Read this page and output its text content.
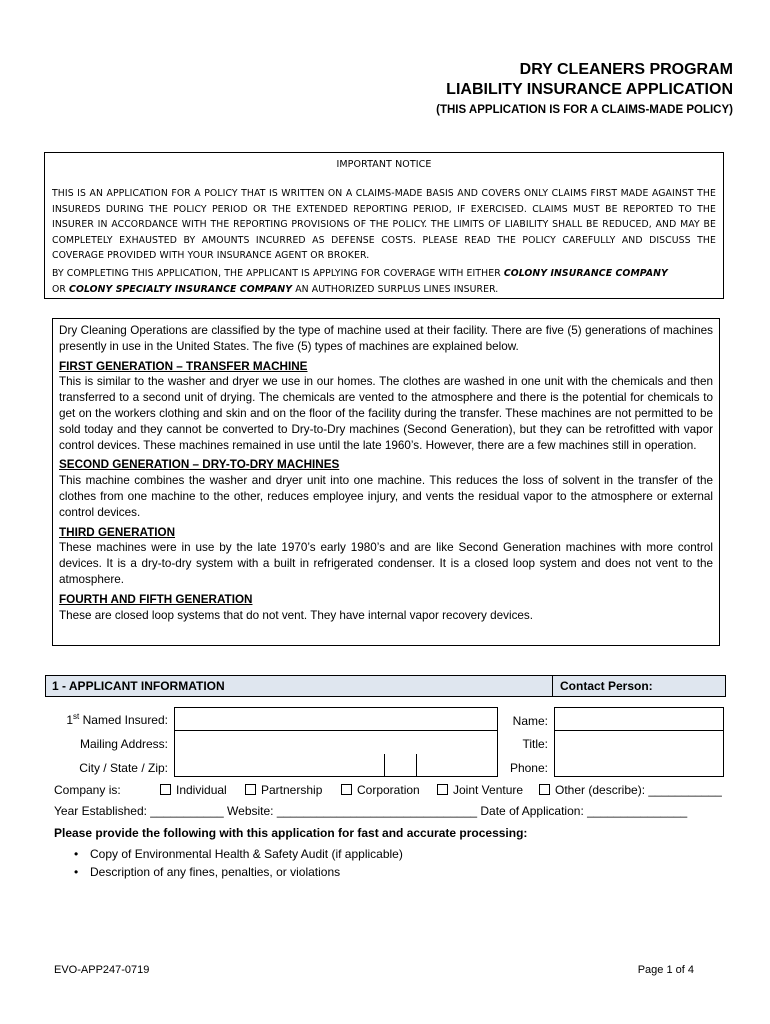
DRY CLEANERS PROGRAM
LIABILITY INSURANCE APPLICATION
(THIS APPLICATION IS FOR A CLAIMS-MADE POLICY)
IMPORTANT NOTICE
THIS IS AN APPLICATION FOR A POLICY THAT IS WRITTEN ON A CLAIMS-MADE BASIS AND COVERS ONLY CLAIMS FIRST MADE AGAINST THE INSUREDS DURING THE POLICY PERIOD OR THE EXTENDED REPORTING PERIOD, IF EXERCISED. CLAIMS MUST BE REPORTED TO THE INSURER IN ACCORDANCE WITH THE REPORTING PROVISIONS OF THE POLICY. THE LIMITS OF LIABILITY SHALL BE REDUCED, AND MAY BE COMPLETELY EXHAUSTED BY AMOUNTS INCURRED AS DEFENSE COSTS. PLEASE READ THE POLICY CAREFULLY AND DISCUSS THE COVERAGE PROVIDED WITH YOUR INSURANCE AGENT OR BROKER.
BY COMPLETING THIS APPLICATION, THE APPLICANT IS APPLYING FOR COVERAGE WITH EITHER COLONY INSURANCE COMPANY
OR COLONY SPECIALTY INSURANCE COMPANY AN AUTHORIZED SURPLUS LINES INSURER.

Dry Cleaning Operations are classified by the type of machine used at their facility. There are five (5) generations of machines presently in use in the United States. The five (5) types of machines are explained below.

FIRST GENERATION – TRANSFER MACHINE

This is similar to the washer and dryer we use in our homes. The clothes are washed in one unit with the chemicals and then transferred to a second unit of drying. The chemicals are vented to the atmosphere and there is the potential for chemicals to get on the workers clothing and skin and on the floor of the facility during the transfer. These machines are not permitted to be sold today and they cannot be converted to Dry-to-Dry machines (Second Generation), but they can be retrofitted with vapor control devices. These machines remained in use until the late 1960’s. However, there are a few machines still in operation.

SECOND GENERATION – DRY-TO-DRY MACHINES

This machine combines the washer and dryer unit into one machine. This reduces the loss of solvent in the transfer of the clothes from one machine to the other, reduces employee injury, and vents the residual vapor to the atmosphere or external control devices.

THIRD GENERATION

These machines were in use by the late 1970’s early 1980’s and are like Second Generation machines with more control devices. It is a dry-to-dry system with a built in refrigerated condenser. It is a closed loop system and does not vent to the atmosphere.

FOURTH AND FIFTH GENERATION

These are closed loop systems that do not vent. They have internal vapor recovery devices.

1 - APPLICANT INFORMATION	Contact Person:
1st Named Insured:
Mailing Address:
City / State / Zip:
Name:
Title:
Phone:
Company is:	Individual	Partnership	Corporation	Joint Venture	Other (describe): ___________
Year Established: ___________ Website: ______________________________ Date of Application: _______________
Please provide the following with this application for fast and accurate processing:
• Copy of Environmental Health & Safety Audit (if applicable)
• Description of any fines, penalties, or violations
EVO-APP247-0719	Page 1 of 4
